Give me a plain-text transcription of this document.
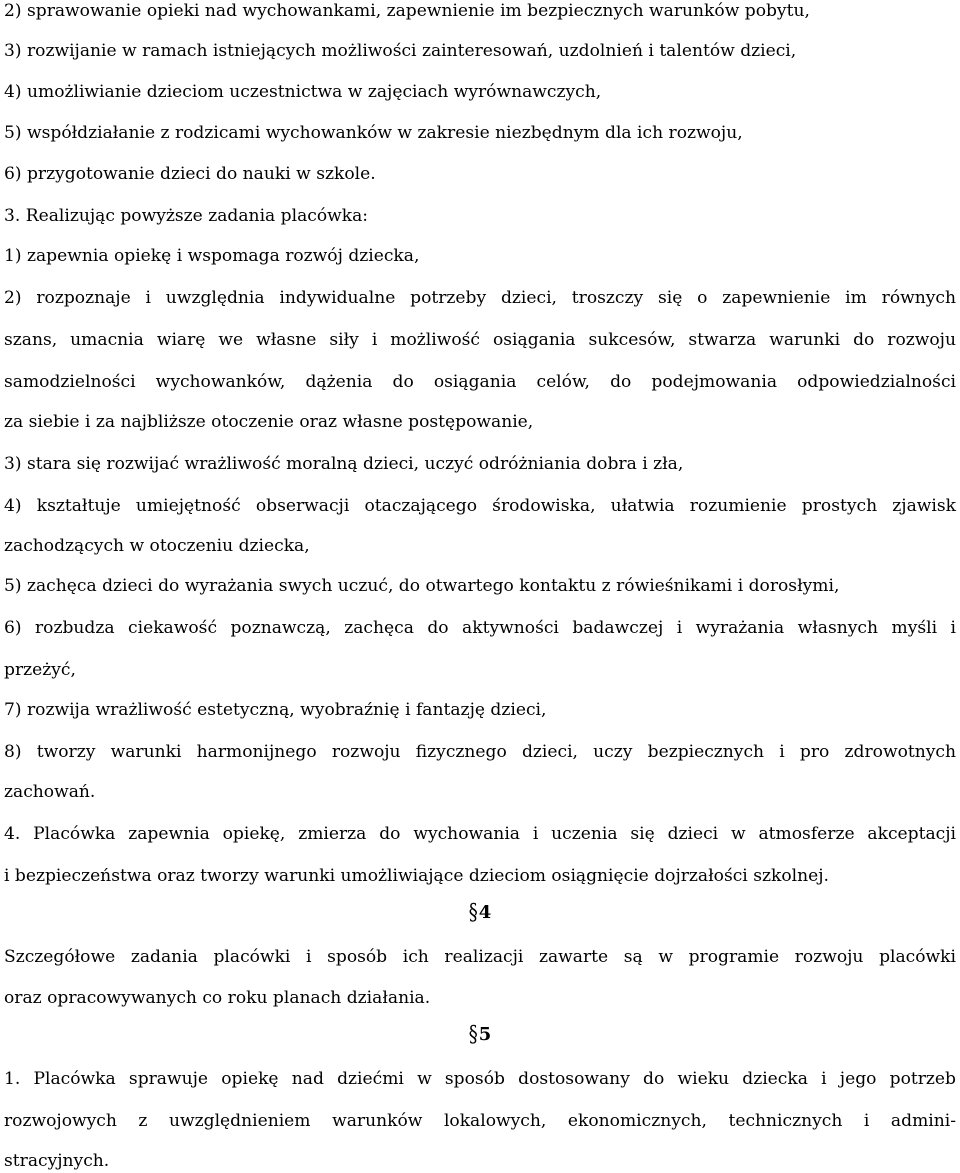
2) sprawowanie opieki nad wychowankami, zapewnienie im bezpiecznych warunków pobytu,
3) rozwijanie w ramach istniejących możliwości zainteresowań, uzdolnień i talentów dzieci,
4) umożliwianie dzieciom uczestnictwa w zajęciach wyrównawczych,
5) współdziałanie z rodzicami wychowanków w zakresie niezbędnym dla ich rozwoju,
6) przygotowanie dzieci do nauki w szkole.
3. Realizując powyższe zadania placówka:
1) zapewnia opiekę i wspomaga rozwój dziecka,
2) rozpoznaje i uwzględnia indywidualne potrzeby dzieci, troszczy się o zapewnienie im równych
szans, umacnia wiarę we własne siły i możliwość osiągania sukcesów, stwarza warunki do rozwoju
samodzielności wychowanków, dążenia do osiągania celów, do podejmowania odpowiedzialności
za siebie i za najbliższe otoczenie oraz własne postępowanie,
3) stara się rozwijać wrażliwość moralną dzieci, uczyć odróżniania dobra i zła,
4) kształtuje umiejętność obserwacji otaczającego środowiska, ułatwia rozumienie prostych zjawisk
zachodzących w otoczeniu dziecka,
5) zachęca dzieci do wyrażania swych uczuć, do otwartego kontaktu z rówieśnikami i dorosłymi,
6) rozbudza ciekawość poznawczą, zachęca do aktywności badawczej i wyrażania własnych myśli i
przeżyć,
7) rozwija wrażliwość estetyczną, wyobraźnię i fantazję dzieci,
8) tworzy warunki harmonijnego rozwoju fizycznego dzieci, uczy bezpiecznych i pro zdrowotnych
zachowań.
4. Placówka zapewnia opiekę, zmierza do wychowania i uczenia się dzieci w atmosferze akceptacji
i bezpieczeństwa oraz tworzy warunki umożliwiające dzieciom osiągnięcie dojrzałości szkolnej.
§4
Szczegółowe zadania placówki i sposób ich realizacji zawarte są w programie rozwoju placówki
oraz opracowywanych co roku planach działania.
§5
1. Placówka sprawuje opiekę nad dziećmi w sposób dostosowany do wieku dziecka i jego potrzeb
rozwojowych z uwzględnieniem warunków lokalowych, ekonomicznych, technicznych i admini-
stracyjnych.
